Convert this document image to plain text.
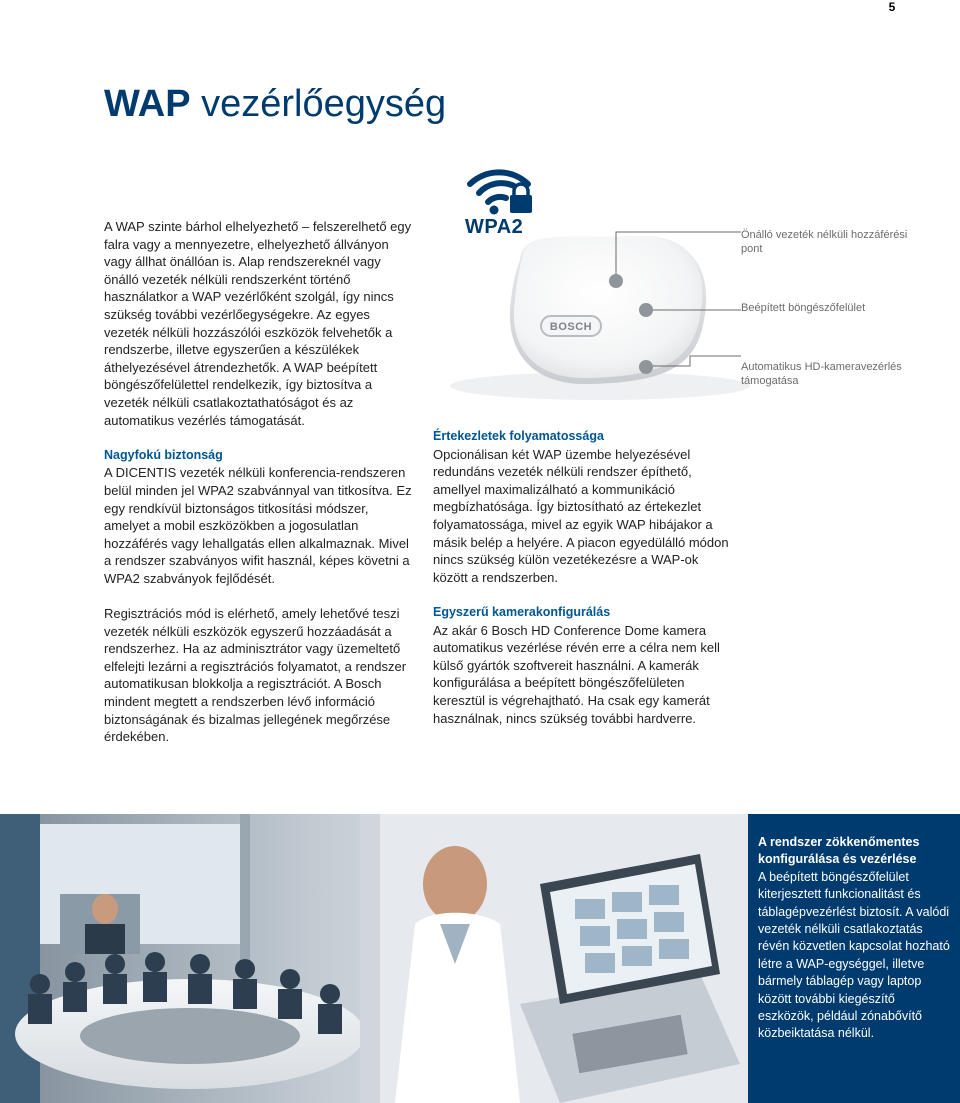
5
WAP vezérlőegység

A WAP szinte bárhol elhelyezhető – felszerelhető egy falra vagy a mennyezetre, elhelyezhető állványon vagy állhat önállóan is. Alap rendszereknél vagy önálló vezeték nélküli rendszerként történő használatkor a WAP vezérlőként szolgál, így nincs szükség további vezérlőegységekre. Az egyes vezeték nélküli hozzászólói eszközök felvehetők a rendszerbe, illetve egyszerűen a készülékek áthelyezésével átrendezhetők. A WAP beépített böngészőfelülettel rendelkezik, így biztosítva a vezeték nélküli csatlakoztathatóságot és az automatikus vezérlés támogatását.

Nagyfokú biztonság

A DICENTIS vezeték nélküli konferencia-rendszeren belül minden jel WPA2 szabvánnyal van titkosítva. Ez egy rendkívül biztonságos titkosítási módszer, amelyet a mobil eszközökben a jogosulatlan hozzáférés vagy lehallgatás ellen alkalmaznak. Mivel a rendszer szabványos wifit használ, képes követni a WPA2 szabványok fejlődését.

Regisztrációs mód is elérhető, amely lehetővé teszi vezeték nélküli eszközök egyszerű hozzáadását a rendszerhez. Ha az adminisztrátor vagy üzemeltető elfelejti lezárni a regisztrációs folyamatot, a rendszer automatikusan blokkolja a regisztrációt. A Bosch mindent megtett a rendszerben lévő információ biztonságának és bizalmas jellegének megőrzése érdekében.

WPA2
BOSCH
Önálló vezeték nélküli hozzáférési pont
Beépített böngészőfelület
Automatikus HD-kameravezérlés támogatása
Értekezletek folyamatossága

Opcionálisan két WAP üzembe helyezésével redundáns vezeték nélküli rendszer építhető, amellyel maximalizálható a kommunikáció megbízhatósága. Így biztosítható az értekezlet folyamatossága, mivel az egyik WAP hibájakor a másik belép a helyére. A piacon egyedülálló módon nincs szükség külön vezetékezésre a WAP-ok között a rendszerben.

Egyszerű kamerakonfigurálás

Az akár 6 Bosch HD Conference Dome kamera automatikus vezérlése révén erre a célra nem kell külső gyártók szoftvereit használni. A kamerák konfigurálása a beépített böngészőfelületen keresztül is végrehajtható. Ha csak egy kamerát használnak, nincs szükség további hardverre.

A rendszer zökkenőmentes konfigurálása és vezérlése
A beépített böngészőfelület kiterjesztett funkcionalitást és táblagépvezérlést biztosít. A valódi vezeték nélküli csatlakoztatás révén közvetlen kapcsolat hozható létre a WAP-egységgel, illetve bármely táblagép vagy laptop között további kiegészítő eszközök, például zónabővítő közbeiktatása nélkül.
